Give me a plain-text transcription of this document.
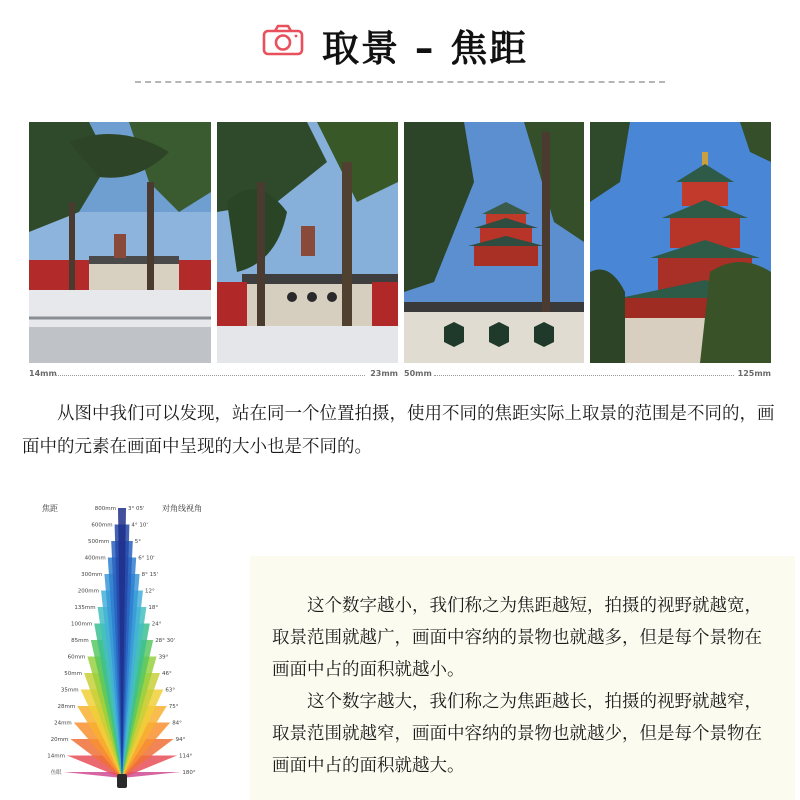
取景 – 焦距
14mm	23mm 50mm	125mm

从图中我们可以发现，站在同一个位置拍摄，使用不同的焦距实际上取景的范围是不同的，画面中的元素在画面中呈现的大小也是不同的。

焦距	对角线视角
800mm 3° 05'
600mm	4° 10'
500mm	5°
400mm	6° 10'
300mm	8° 15'
200mm	12°
135mm	18°
100mm	24°
85mm	28° 30'
60mm	39°
50mm	46°
35mm	63°
28mm	75°
24mm	84°
20mm	94°
14mm	114°
鱼眼	180°

这个数字越小，我们称之为焦距越短，拍摄的视野就越宽，取景范围就越广，画面中容纳的景物也就越多，但是每个景物在画面中占的面积就越小。

这个数字越大，我们称之为焦距越长，拍摄的视野就越窄，取景范围就越窄，画面中容纳的景物也就越少，但是每个景物在画面中占的面积就越大。
